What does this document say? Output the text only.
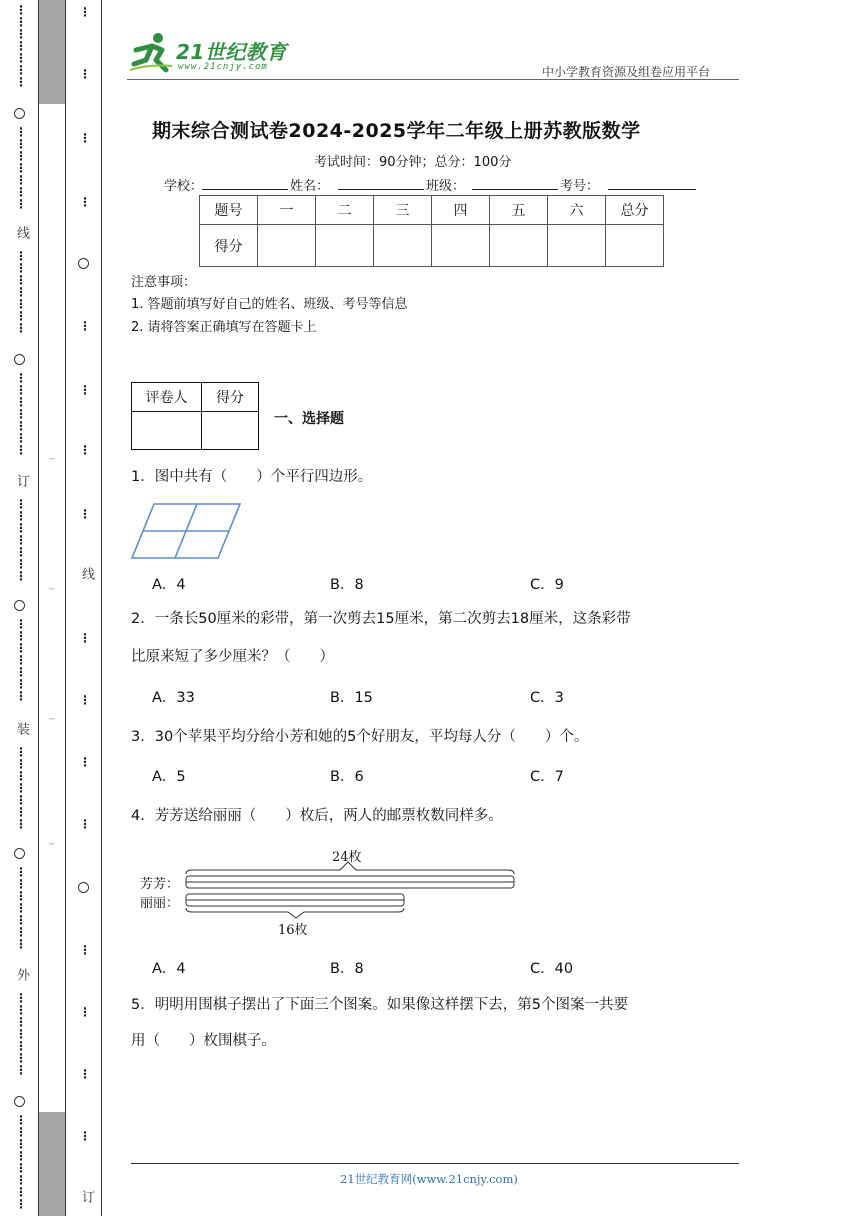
⋮
⋮
⋮
⋮
⋮
⋮
⋮
⋮
⋮
⋮
⋮
⋮
⋮
⋮
线
⋮
⋮
⋮
⋮
⋮
⋮
⋮
⋮
⋮
⋮
⋮
⋮
⋮
⋮
订
⋮
⋮
⋮
⋮
⋮
⋮
⋮
⋮
⋮
⋮
⋮
⋮
⋮
⋮
装
⋮
⋮
⋮
⋮
⋮
⋮
⋮
⋮
⋮
⋮
⋮
⋮
⋮
⋮
外
⋮
⋮
⋮
⋮
⋮
⋮
⋮
⋮
⋮
⋮
⋮
⋮
⋮
⋮
⋮
┈
┈
┈
┈
⋮
⋮
⋮
⋮
⋮
⋮
⋮
⋮
线
⋮
⋮
⋮
⋮
⋮
⋮
⋮
⋮
订
21世纪教育
www.21cnjy.com	中小学教育资源及组卷应用平台
期末综合测试卷2024-2025学年二年级上册苏教版数学
考试时间：90分钟；总分：100分
学校：	姓名：	班级：	考号：
题号	一	二	三	四	五	六	总分
得分							
注意事项：
1. 答题前填写好自己的姓名、班级、考号等信息
2. 请将答案正确填写在答题卡上
评卷人	得分

一、选择题
1．图中共有（　　）个平行四边形。
A．4	B．8	C．9
2．一条长50厘米的彩带，第一次剪去15厘米，第二次剪去18厘米，这条彩带
比原来短了多少厘米？（　　）
A．33	B．15	C．3
3．30个苹果平均分给小芳和她的5个好朋友，平均每人分（　　）个。
A．5	B．6	C．7
4．芳芳送给丽丽（　　）枚后，两人的邮票枚数同样多。
24枚
芳芳：
丽丽：
16枚
A．4	B．8	C．40
5．明明用围棋子摆出了下面三个图案。如果像这样摆下去，第5个图案一共要
用（　　）枚围棋子。
21世纪教育网(www.21cnjy.com)
